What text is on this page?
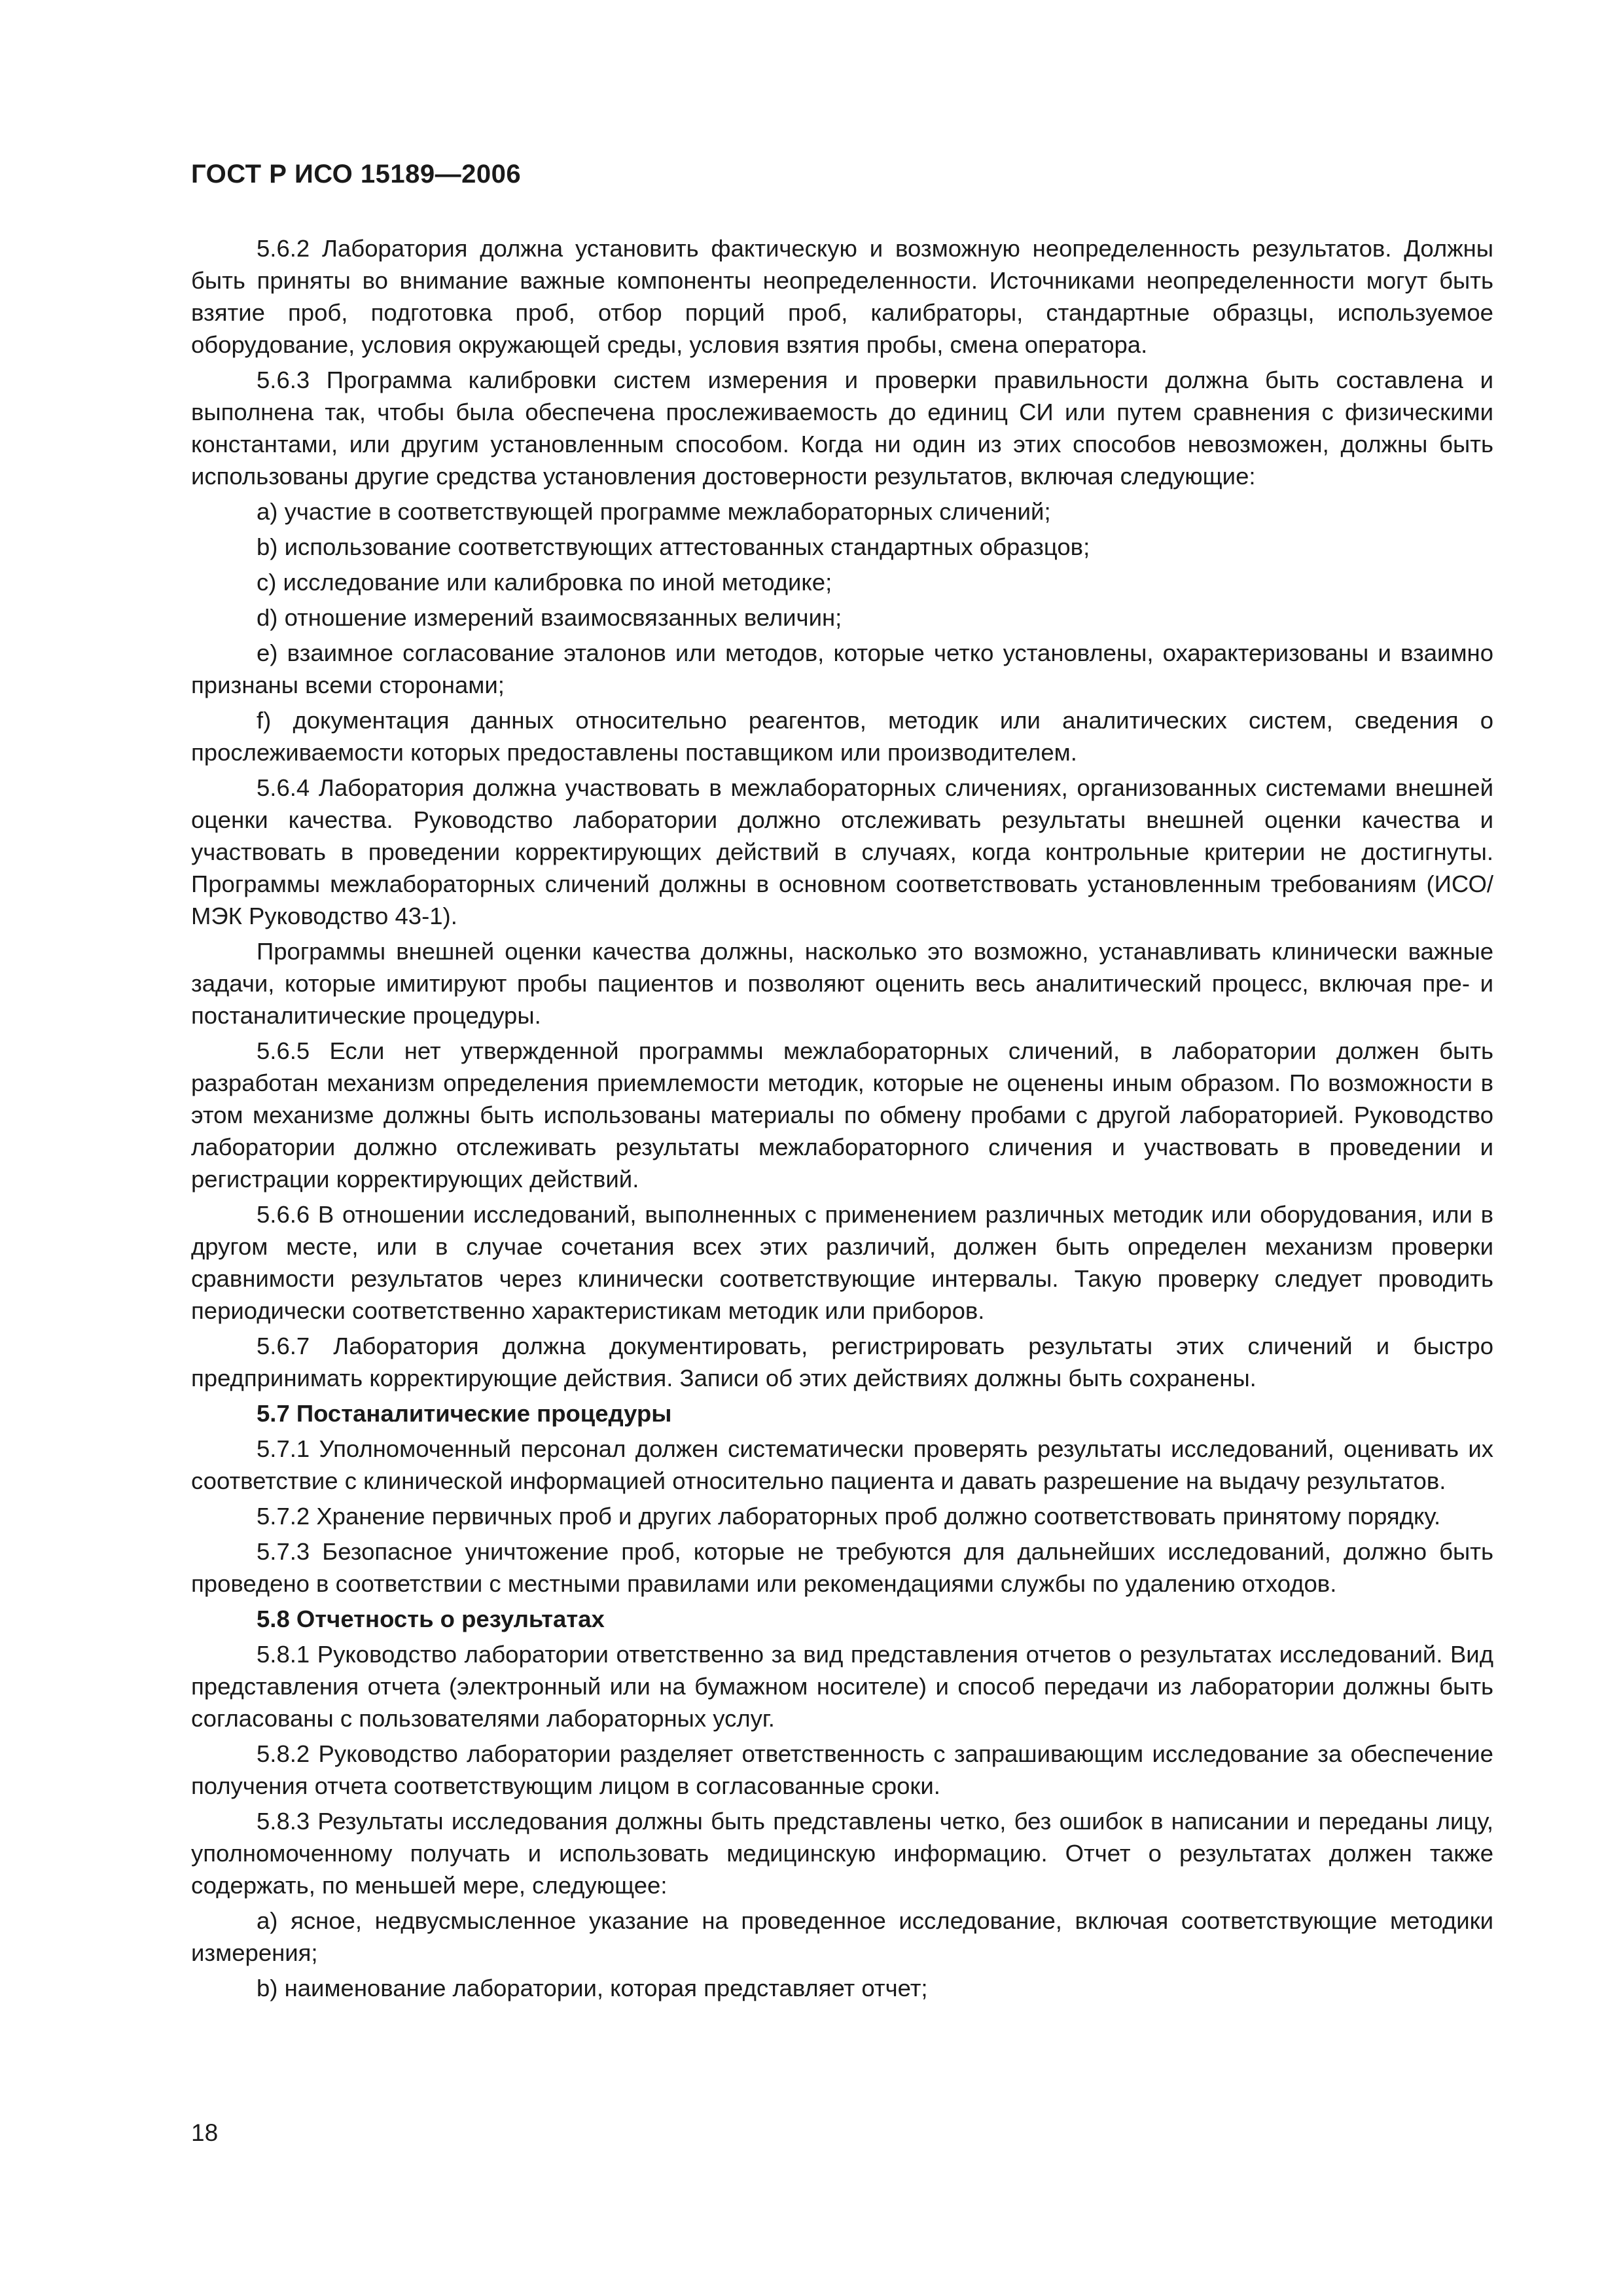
ГОСТ Р ИСО 15189—2006

5.6.2 Лаборатория должна установить фактическую и возможную неопределенность результатов. Должны быть приняты во внимание важные компоненты неопределенности. Источниками неопределенности могут быть взятие проб, подготовка проб, отбор порций проб, калибраторы, стандартные образцы, используемое оборудование, условия окружающей среды, условия взятия пробы, смена оператора.

5.6.3 Программа калибровки систем измерения и проверки правильности должна быть составлена и выполнена так, чтобы была обеспечена прослеживаемость до единиц СИ или путем сравнения с физическими константами, или другим установленным способом. Когда ни один из этих способов невозможен, должны быть использованы другие средства установления достоверности результатов, включая следующие:

a) участие в соответствующей программе межлабораторных сличений;

b) использование соответствующих аттестованных стандартных образцов;

c) исследование или калибровка по иной методике;

d) отношение измерений взаимосвязанных величин;

e) взаимное согласование эталонов или методов, которые четко установлены, охарактеризованы и взаимно признаны всеми сторонами;

f) документация данных относительно реагентов, методик или аналитических систем, сведения о прослеживаемости которых предоставлены поставщиком или производителем.

5.6.4 Лаборатория должна участвовать в межлабораторных сличениях, организованных системами внешней оценки качества. Руководство лаборатории должно отслеживать результаты внешней оценки качества и участвовать в проведении корректирующих действий в случаях, когда контрольные критерии не достигнуты. Программы межлабораторных сличений должны в основном соответствовать установленным требованиям (ИСО/МЭК Руководство 43-1).

Программы внешней оценки качества должны, насколько это возможно, устанавливать клинически важные задачи, которые имитируют пробы пациентов и позволяют оценить весь аналитический процесс, включая пре- и постаналитические процедуры.

5.6.5 Если нет утвержденной программы межлабораторных сличений, в лаборатории должен быть разработан механизм определения приемлемости методик, которые не оценены иным образом. По возможности в этом механизме должны быть использованы материалы по обмену пробами с другой лабораторией. Руководство лаборатории должно отслеживать результаты межлабораторного сличения и участвовать в проведении и регистрации корректирующих действий.

5.6.6 В отношении исследований, выполненных с применением различных методик или оборудования, или в другом месте, или в случае сочетания всех этих различий, должен быть определен механизм проверки сравнимости результатов через клинически соответствующие интервалы. Такую проверку следует проводить периодически соответственно характеристикам методик или приборов.

5.6.7 Лаборатория должна документировать, регистрировать результаты этих сличений и быстро предпринимать корректирующие действия. Записи об этих действиях должны быть сохранены.

5.7 Постаналитические процедуры

5.7.1 Уполномоченный персонал должен систематически проверять результаты исследований, оценивать их соответствие с клинической информацией относительно пациента и давать разрешение на выдачу результатов.

5.7.2 Хранение первичных проб и других лабораторных проб должно соответствовать принятому порядку.

5.7.3 Безопасное уничтожение проб, которые не требуются для дальнейших исследований, должно быть проведено в соответствии с местными правилами или рекомендациями службы по удалению отходов.

5.8 Отчетность о результатах

5.8.1 Руководство лаборатории ответственно за вид представления отчетов о результатах исследований. Вид представления отчета (электронный или на бумажном носителе) и способ передачи из лаборатории должны быть согласованы с пользователями лабораторных услуг.

5.8.2 Руководство лаборатории разделяет ответственность с запрашивающим исследование за обеспечение получения отчета соответствующим лицом в согласованные сроки.

5.8.3 Результаты исследования должны быть представлены четко, без ошибок в написании и переданы лицу, уполномоченному получать и использовать медицинскую информацию. Отчет о результатах должен также содержать, по меньшей мере, следующее:

a) ясное, недвусмысленное указание на проведенное исследование, включая соответствующие методики измерения;

b) наименование лаборатории, которая представляет отчет;

18
